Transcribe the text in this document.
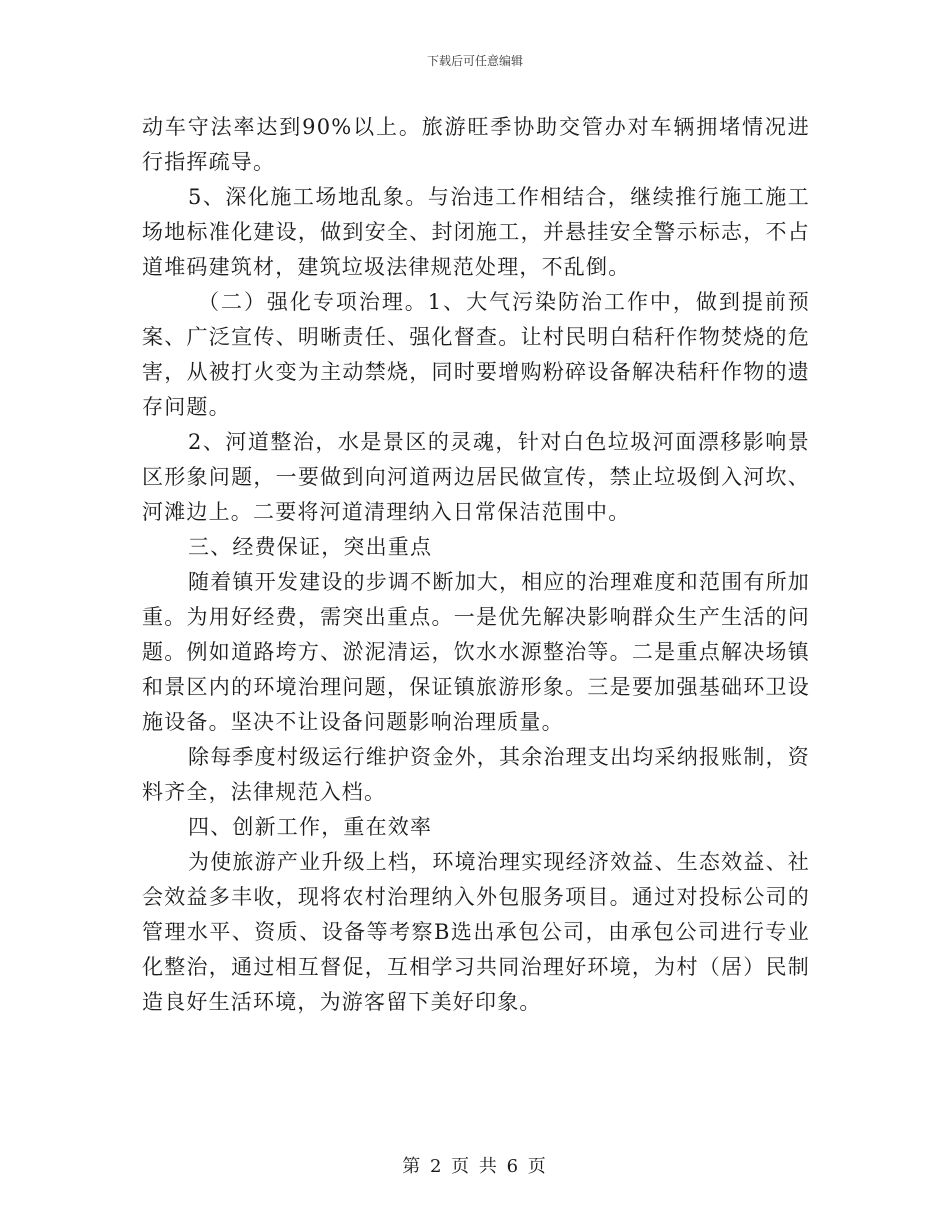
下载后可任意编辑

动车守法率达到90%以上。旅游旺季协助交管办对车辆拥堵情况进行指挥疏导。

5、深化施工场地乱象。与治违工作相结合，继续推行施工施工场地标准化建设，做到安全、封闭施工，并悬挂安全警示标志，不占道堆码建筑材，建筑垃圾法律规范处理，不乱倒。

（二）强化专项治理。1、大气污染防治工作中，做到提前预案、广泛宣传、明晰责任、强化督查。让村民明白秸秆作物焚烧的危害，从被打火变为主动禁烧，同时要增购粉碎设备解决秸秆作物的遗存问题。

2、河道整治，水是景区的灵魂，针对白色垃圾河面漂移影响景区形象问题，一要做到向河道两边居民做宣传，禁止垃圾倒入河坎、河滩边上。二要将河道清理纳入日常保洁范围中。

三、经费保证，突出重点

随着镇开发建设的步调不断加大，相应的治理难度和范围有所加重。为用好经费，需突出重点。一是优先解决影响群众生产生活的问题。例如道路垮方、淤泥清运，饮水水源整治等。二是重点解决场镇和景区内的环境治理问题，保证镇旅游形象。三是要加强基础环卫设施设备。坚决不让设备问题影响治理质量。

除每季度村级运行维护资金外，其余治理支出均采纳报账制，资料齐全，法律规范入档。

四、创新工作，重在效率

为使旅游产业升级上档，环境治理实现经济效益、生态效益、社会效益多丰收，现将农村治理纳入外包服务项目。通过对投标公司的管理水平、资质、设备等考察B选出承包公司，由承包公司进行专业化整治，通过相互督促，互相学习共同治理好环境，为村（居）民制造良好生活环境，为游客留下美好印象。

第 2 页 共 6 页
